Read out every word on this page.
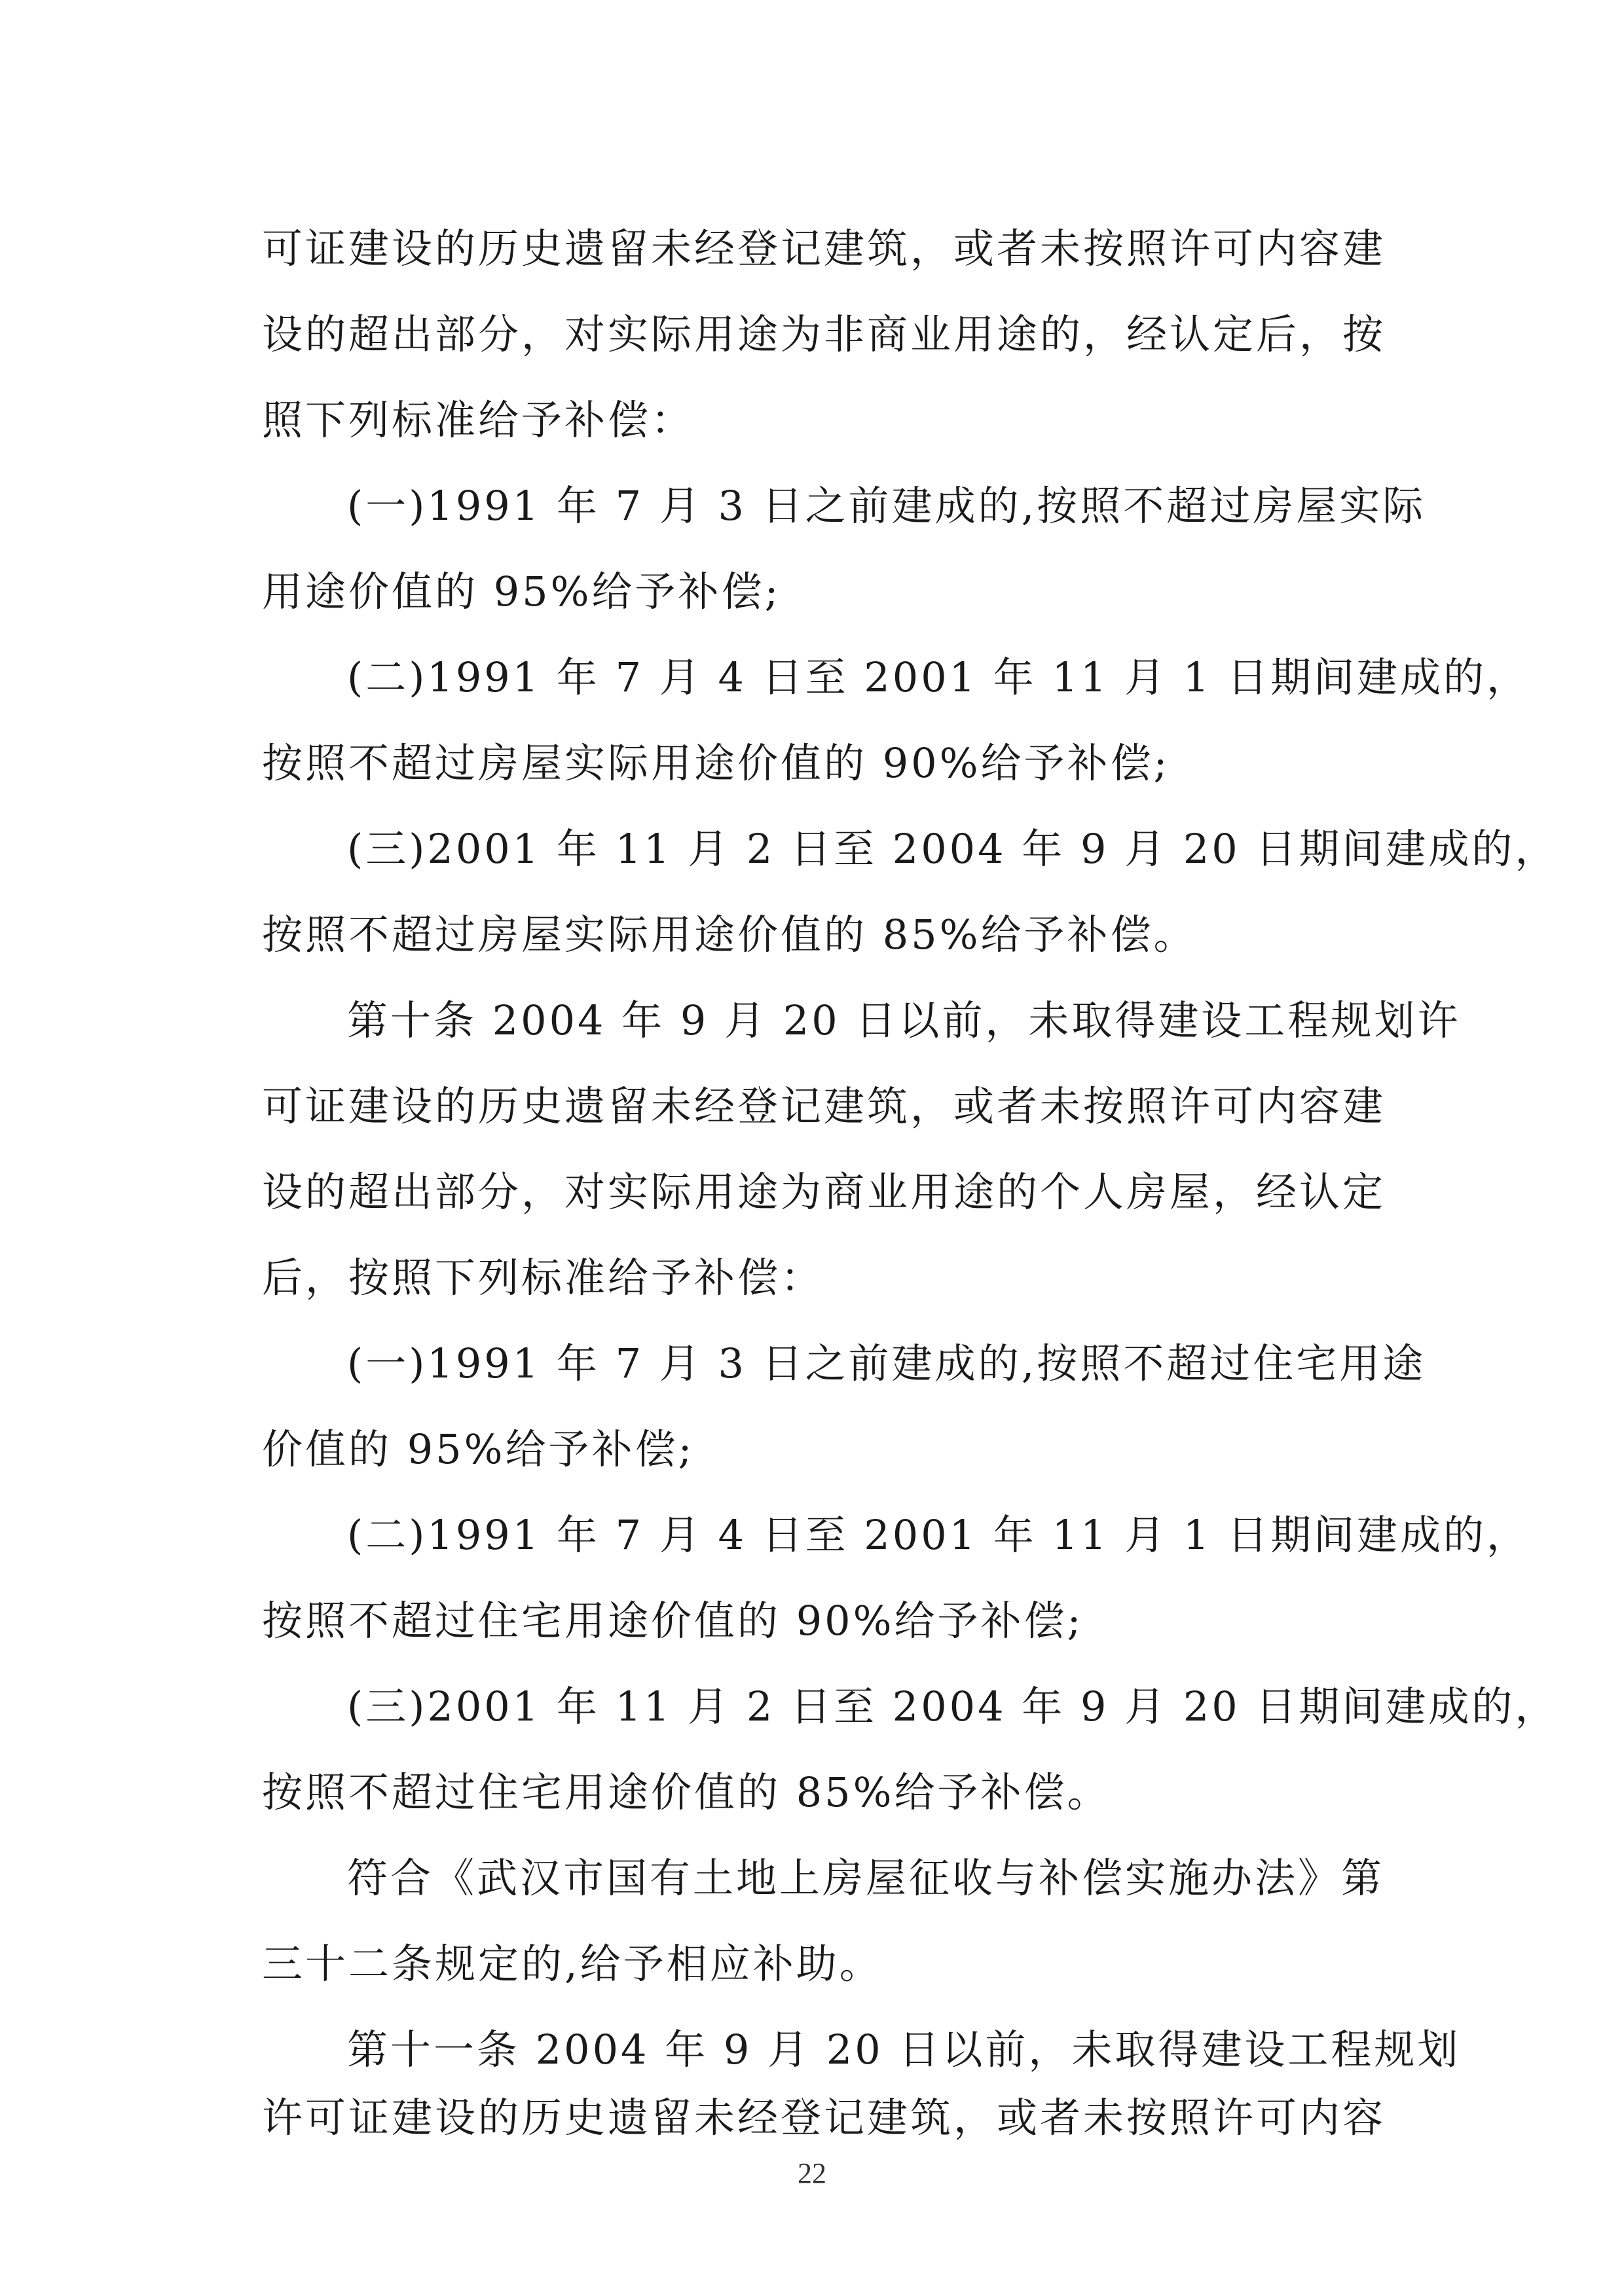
可证建设的历史遗留未经登记建筑，或者未按照许可内容建
设的超出部分，对实际用途为非商业用途的，经认定后，按
照下列标准给予补偿：
(一)1991 年 7 月 3 日之前建成的,按照不超过房屋实际
用途价值的 95%给予补偿;
(二)1991 年 7 月 4 日至 2001 年 11 月 1 日期间建成的，
按照不超过房屋实际用途价值的 90%给予补偿;
(三)2001 年 11 月 2 日至 2004 年 9 月 20 日期间建成的，
按照不超过房屋实际用途价值的 85%给予补偿。
第十条 2004 年 9 月 20 日以前，未取得建设工程规划许
可证建设的历史遗留未经登记建筑，或者未按照许可内容建
设的超出部分，对实际用途为商业用途的个人房屋，经认定
后，按照下列标准给予补偿：
(一)1991 年 7 月 3 日之前建成的,按照不超过住宅用途
价值的 95%给予补偿;
(二)1991 年 7 月 4 日至 2001 年 11 月 1 日期间建成的，
按照不超过住宅用途价值的 90%给予补偿;
(三)2001 年 11 月 2 日至 2004 年 9 月 20 日期间建成的，
按照不超过住宅用途价值的 85%给予补偿。
符合《武汉市国有土地上房屋征收与补偿实施办法》第
三十二条规定的,给予相应补助。
第十一条 2004 年 9 月 20 日以前，未取得建设工程规划
许可证建设的历史遗留未经登记建筑，或者未按照许可内容
22
